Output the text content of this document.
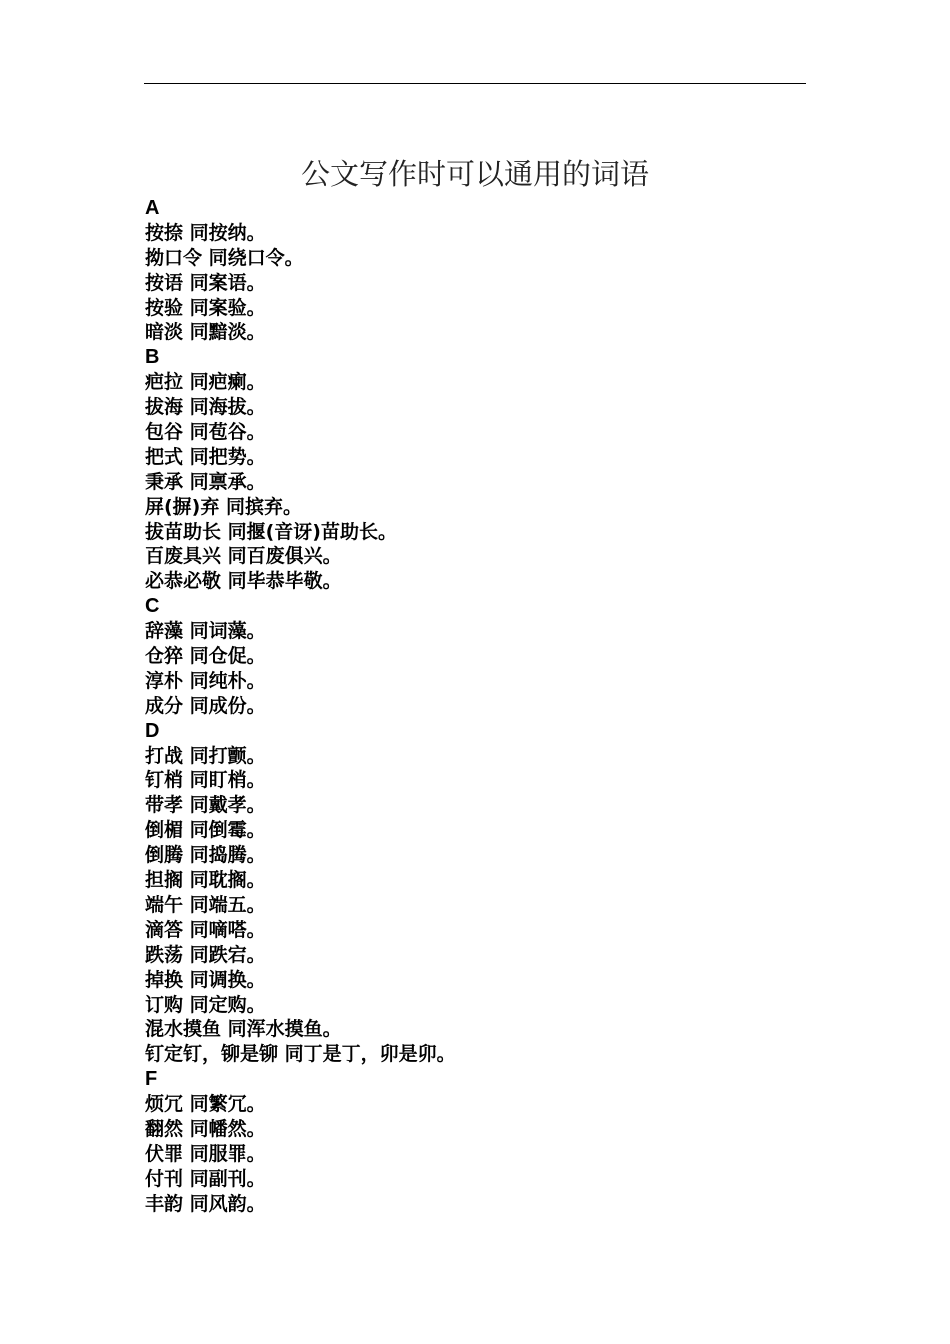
公文写作时可以通用的词语
A
按捺 同按纳。
拗口令 同绕口令。
按语 同案语。
按验 同案验。
暗淡 同黯淡。
B
疤拉 同疤瘌。
拔海 同海拔。
包谷 同苞谷。
把式 同把势。
秉承 同禀承。
屏(摒)弃 同摈弃。
拔苗助长 同揠(音讶)苗助长。
百废具兴 同百废俱兴。
必恭必敬 同毕恭毕敬。
C
辞藻 同词藻。
仓猝 同仓促。
淳朴 同纯朴。
成分 同成份。
D
打战 同打颤。
钉梢 同盯梢。
带孝 同戴孝。
倒楣 同倒霉。
倒腾 同捣腾。
担搁 同耽搁。
端午 同端五。
滴答 同嘀嗒。
跌荡 同跌宕。
掉换 同调换。
订购 同定购。
混水摸鱼 同浑水摸鱼。
钉定钉，铆是铆 同丁是丁，卯是卯。
F
烦冗 同繁冗。
翻然 同幡然。
伏罪 同服罪。
付刊 同副刊。
丰韵 同风韵。
